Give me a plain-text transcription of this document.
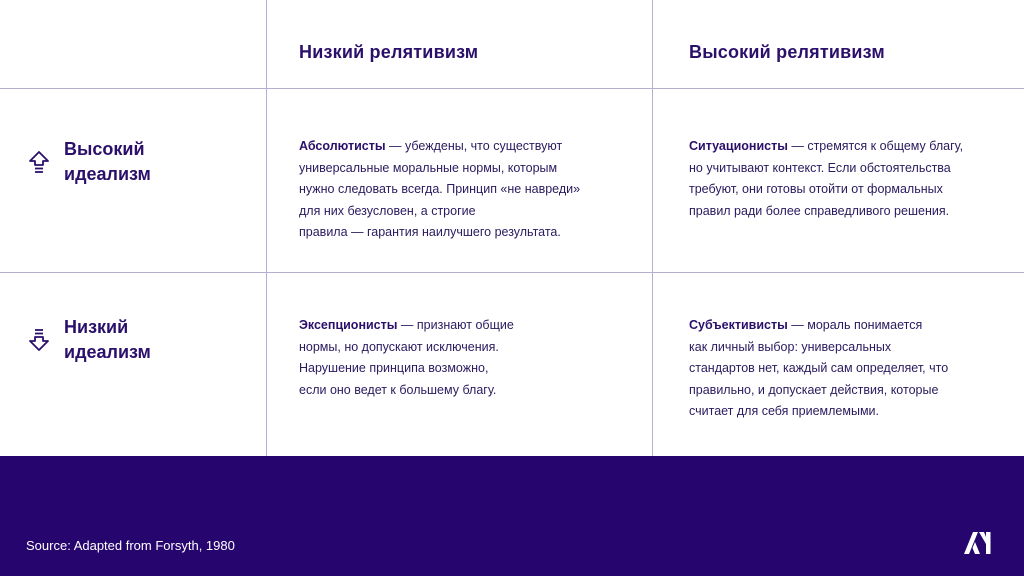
Низкий релятивизм	Высокий релятивизм
Высокий
идеализм
Низкий
идеализм
Абсолютисты — убеждены, что существуют
универсальные моральные нормы, которым
нужно следовать всегда. Принцип «не навреди»
для них безусловен, а строгие
правила — гарантия наилучшего результата.
Ситуационисты — стремятся к общему благу,
но учитывают контекст. Если обстоятельства
требуют, они готовы отойти от формальных
правил ради более справедливого решения.
Эксепционисты — признают общие
нормы, но допускают исключения.
Нарушение принципа возможно,
если оно ведет к большему благу.
Субъективисты — мораль понимается
как личный выбор: универсальных
стандартов нет, каждый сам определяет, что
правильно, и допускает действия, которые
считает для себя приемлемыми.
Source: Adapted from Forsyth, 1980
